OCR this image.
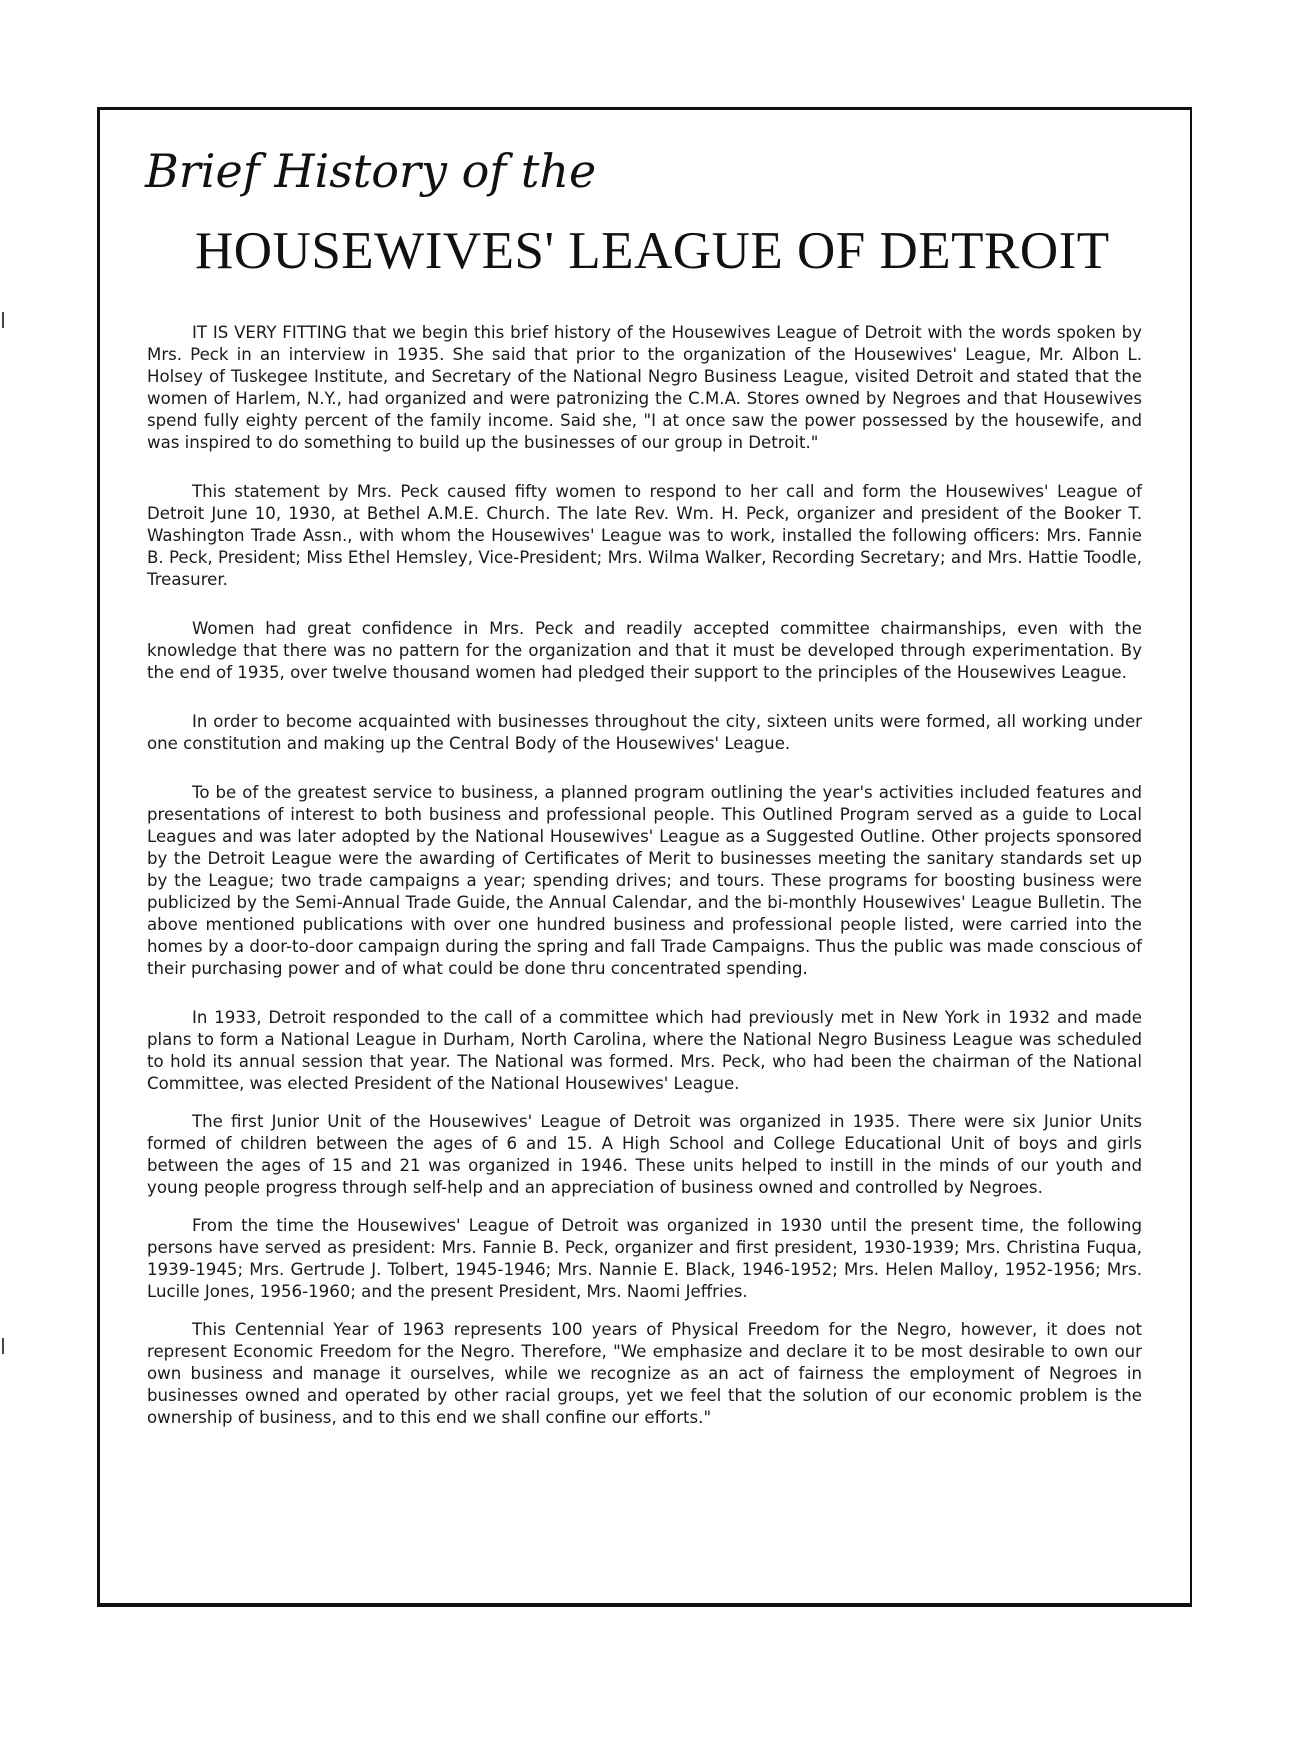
Brief History of the
HOUSEWIVES' LEAGUE OF DETROIT

IT IS VERY FITTING that we begin this brief history of the Housewives League of Detroit with the words spoken by Mrs. Peck in an interview in 1935. She said that prior to the organization of the Housewives' League, Mr. Albon L. Holsey of Tuskegee Institute, and Secretary of the National Negro Business League, visited Detroit and stated that the women of Harlem, N.Y., had organized and were patronizing the C.M.A. Stores owned by Negroes and that Housewives spend fully eighty percent of the family income. Said she, "I at once saw the power possessed by the housewife, and was inspired to do something to build up the businesses of our group in Detroit."

This statement by Mrs. Peck caused fifty women to respond to her call and form the Housewives' League of Detroit June 10, 1930, at Bethel A.M.E. Church. The late Rev. Wm. H. Peck, organizer and president of the Booker T. Washington Trade Assn., with whom the Housewives' League was to work, installed the following officers: Mrs. Fannie B. Peck, President; Miss Ethel Hemsley, Vice-President; Mrs. Wilma Walker, Recording Secretary; and Mrs. Hattie Toodle, Treasurer.

Women had great confidence in Mrs. Peck and readily accepted committee chairmanships, even with the knowledge that there was no pattern for the organization and that it must be developed through experimentation. By the end of 1935, over twelve thousand women had pledged their support to the principles of the Housewives League.

In order to become acquainted with businesses throughout the city, sixteen units were formed, all working under one constitution and making up the Central Body of the Housewives' League.

To be of the greatest service to business, a planned program outlining the year's activities included features and presentations of interest to both business and professional people. This Outlined Program served as a guide to Local Leagues and was later adopted by the National Housewives' League as a Suggested Outline. Other projects sponsored by the Detroit League were the awarding of Certificates of Merit to businesses meeting the sanitary standards set up by the League; two trade campaigns a year; spending drives; and tours. These programs for boosting business were publicized by the Semi-Annual Trade Guide, the Annual Calendar, and the bi-monthly Housewives' League Bulletin. The above mentioned publications with over one hundred business and professional people listed, were carried into the homes by a door-to-door campaign during the spring and fall Trade Campaigns. Thus the public was made conscious of their purchasing power and of what could be done thru concentrated spending.

In 1933, Detroit responded to the call of a committee which had previously met in New York in 1932 and made plans to form a National League in Durham, North Carolina, where the National Negro Business League was scheduled to hold its annual session that year. The National was formed. Mrs. Peck, who had been the chairman of the National Committee, was elected President of the National Housewives' League.

The first Junior Unit of the Housewives' League of Detroit was organized in 1935. There were six Junior Units formed of children between the ages of 6 and 15. A High School and College Educational Unit of boys and girls between the ages of 15 and 21 was organized in 1946. These units helped to instill in the minds of our youth and young people progress through self-help and an appreciation of business owned and controlled by Negroes.

From the time the Housewives' League of Detroit was organized in 1930 until the present time, the following persons have served as president: Mrs. Fannie B. Peck, organizer and first president, 1930-1939; Mrs. Christina Fuqua, 1939-1945; Mrs. Gertrude J. Tolbert, 1945-1946; Mrs. Nannie E. Black, 1946-1952; Mrs. Helen Malloy, 1952-1956; Mrs. Lucille Jones, 1956-1960; and the present President, Mrs. Naomi Jeffries.

This Centennial Year of 1963 represents 100 years of Physical Freedom for the Negro, however, it does not represent Economic Freedom for the Negro. Therefore, "We emphasize and declare it to be most desirable to own our own business and manage it ourselves, while we recognize as an act of fairness the employment of Negroes in businesses owned and operated by other racial groups, yet we feel that the solution of our economic problem is the ownership of business, and to this end we shall confine our efforts."
